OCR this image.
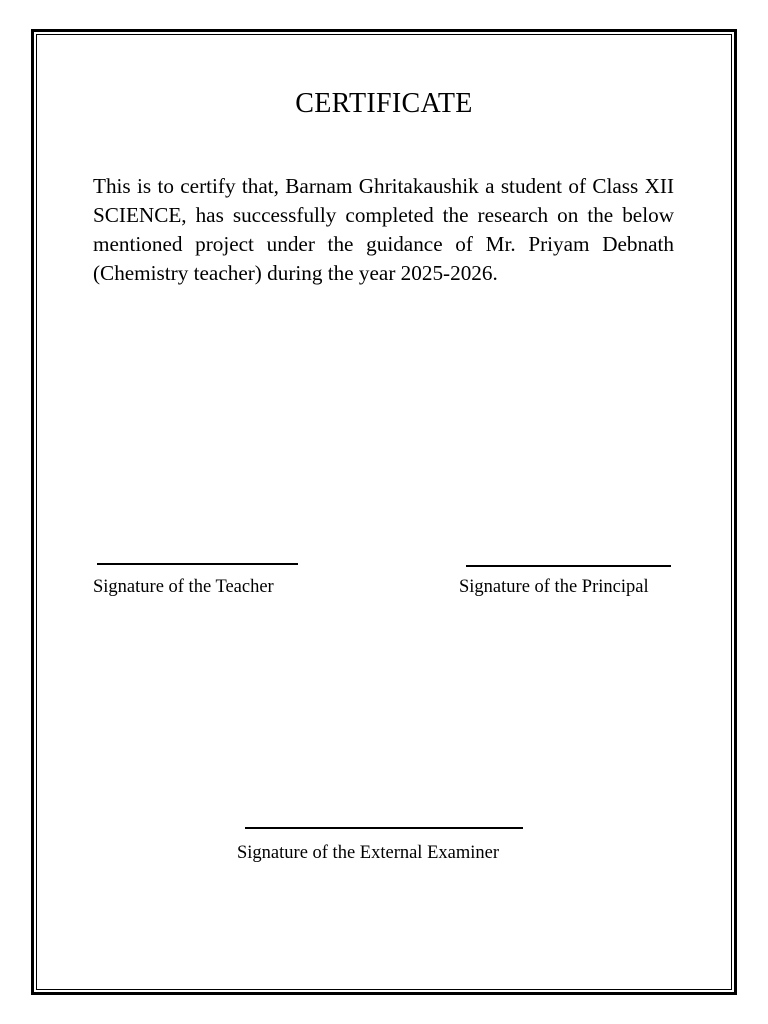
CERTIFICATE
This is to certify that, Barnam Ghritakaushik a student of Class XII SCIENCE, has successfully completed the research on the below mentioned project under the guidance of Mr. Priyam Debnath (Chemistry teacher) during the year 2025-2026.
Signature of the Teacher	Signature of the Principal
Signature of the External Examiner
